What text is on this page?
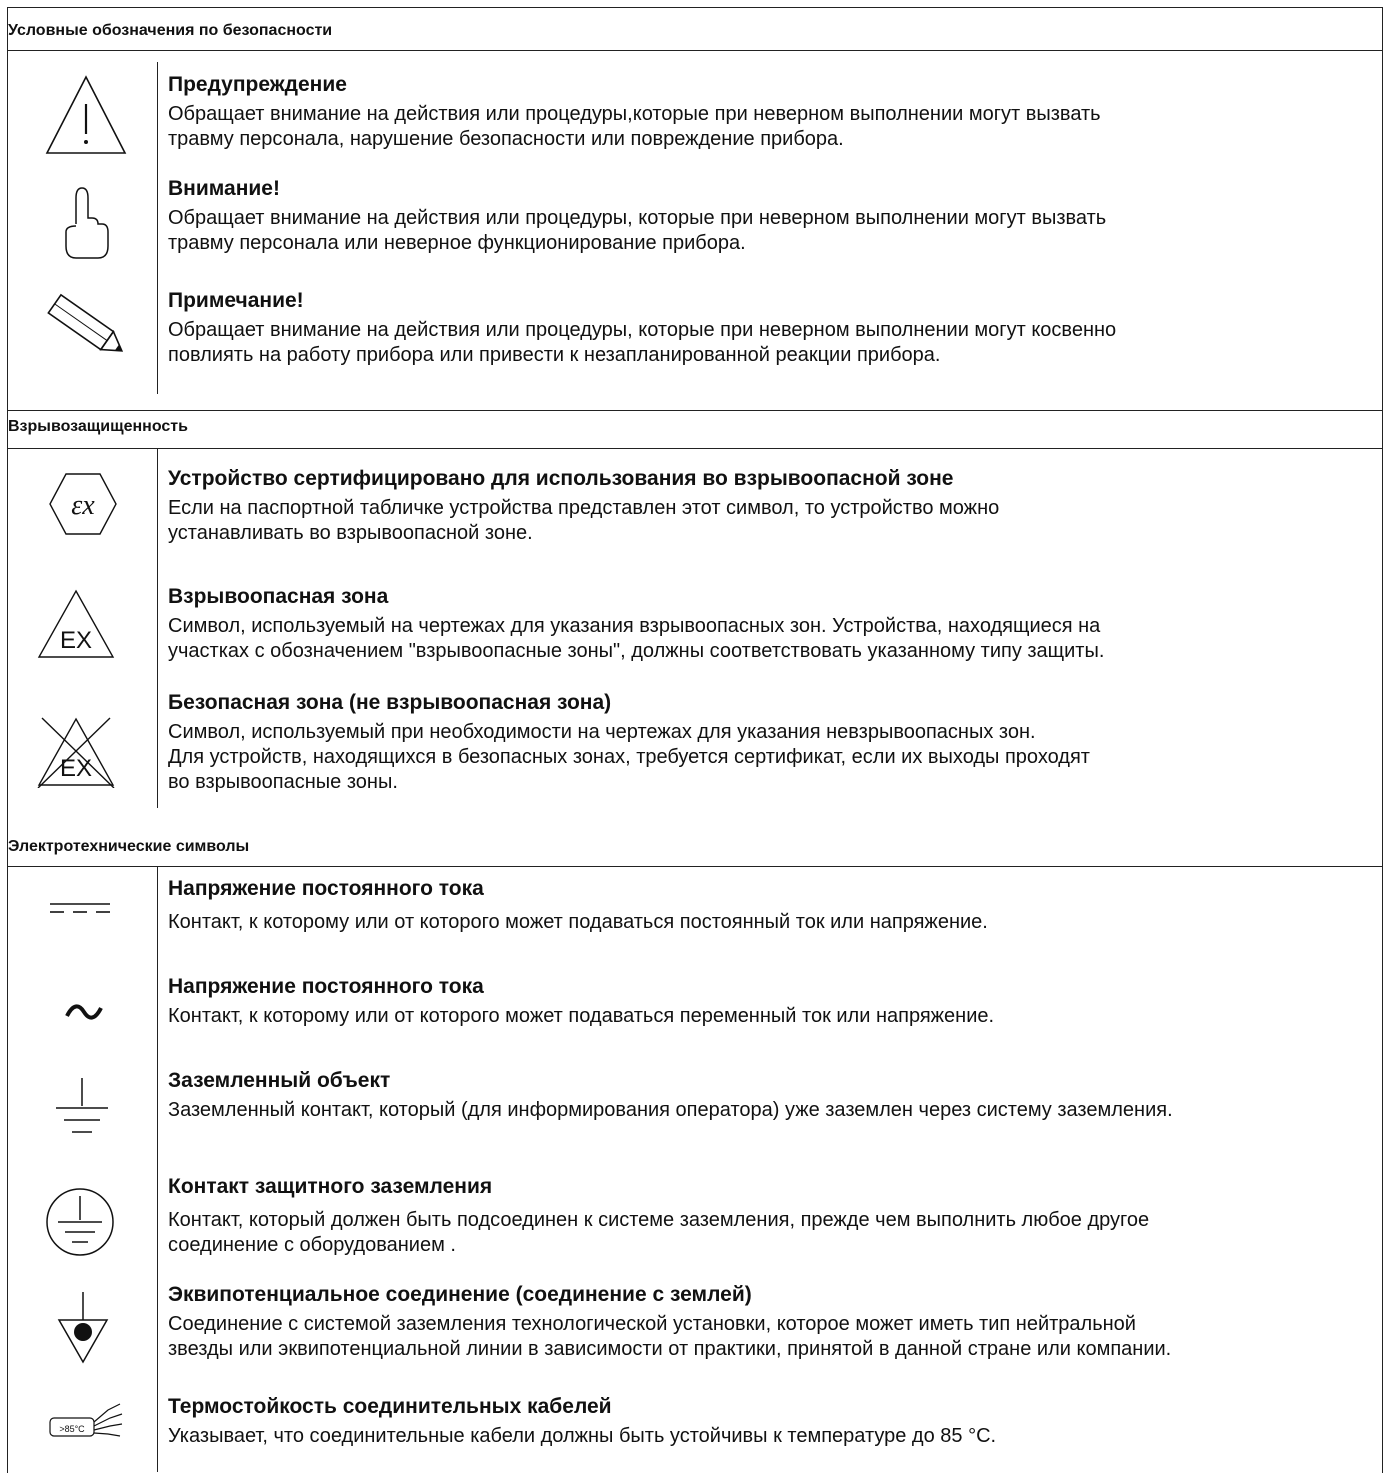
Условные обозначения по безопасности
Предупреждение
Обращает внимание на действия или процедуры,которые при неверном выполнении могут вызвать
травму персонала, нарушение безопасности или повреждение прибора.
Внимание!
Обращает внимание на действия или процедуры, которые при неверном выполнении могут вызвать
травму персонала или неверное функционирование прибора.
Примечание!
Обращает внимание на действия или процедуры, которые при неверном выполнении могут косвенно
повлиять на работу прибора или привести к незапланированной реакции прибора.
Взрывозащищенность
εx
Устройство сертифицировано для использования во взрывоопасной зоне
Если на паспортной табличке устройства представлен этот символ, то устройство можно
устанавливать во взрывоопасной зоне.
EX
Взрывоопасная зона
Символ, используемый на чертежах для указания взрывоопасных зон. Устройства, находящиеся на
участках с обозначением "взрывоопасные зоны", должны соответствовать указанному типу защиты.
EX
Безопасная зона (не взрывоопасная зона)
Символ, используемый при необходимости на чертежах для указания невзрывоопасных зон.
Для устройств, находящихся в безопасных зонах, требуется сертификат, если их выходы проходят
во взрывоопасные зоны.
Электротехнические символы
Напряжение постоянного тока
Контакт, к которому или от которого может подаваться постоянный ток или напряжение.
Напряжение постоянного тока
Контакт, к которому или от которого может подаваться переменный ток или напряжение.
Заземленный объект
Заземленный контакт, который (для информирования оператора) уже заземлен через систему заземления.
Контакт защитного заземления
Контакт, который должен быть подсоединен к системе заземления, прежде чем выполнить любое другое
соединение с оборудованием .
Эквипотенциальное соединение (соединение с землей)
Соединение с системой заземления технологической установки, которое может иметь тип нейтральной
звезды или эквипотенциальной линии в зависимости от практики, принятой в данной стране или компании.
>85°C
Термостойкость соединительных кабелей
Указывает, что соединительные кабели должны быть устойчивы к температуре до 85 °C.
